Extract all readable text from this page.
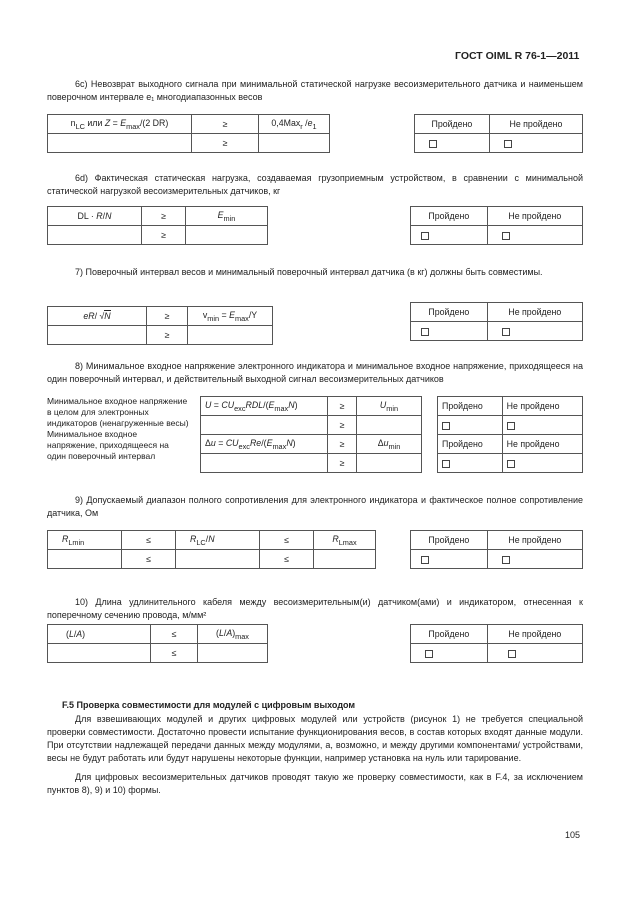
ГОСТ OIML R 76-1—2011
6с) Невозврат выходного сигнала при минимальной статической нагрузке весоизмерительного датчика и наименьшем поверочном интервале e₁ многодиапазонных весов
$n_{LC}$ или $Z = E_{max}/(2$ DR)	≥	0,4Max$_r$ $/e_1$
	≥	
Пройдено	Не пройдено

6d) Фактическая статическая нагрузка, создаваемая грузоприемным устройством, в сравнении с минимальной статической нагрузкой весоизмерительных датчиков, кг
DL · R/N	≥	$E_{min}$
	≥	
Пройдено	Не пройдено

7) Поверочный интервал весов и минимальный поверочный интервал датчика (в кг) должны быть совместимы.
eR/ √N	≥	$v_{min} = E_{max}/Y$
	≥	
Пройдено	Не пройдено

8) Минимальное входное напряжение электронного индикатора и минимальное входное напряжение, приходящееся на один поверочный интервал, и действительный выходной сигнал весоизмерительных датчиков
Минимальное входное напряжение в целом для электронных индикаторов (ненагруженные весы)
Минимальное входное напряжение, приходящееся на один поверочный интервал
$U = CU_{exc}RDL/(E_{max}N)$	≥	$U_{min}$
	≥	
$\Delta u = CU_{exc}Re/(E_{max}N)$	≥	$\Delta u_{min}$
	≥	
Пройдено	Не пройдено

Пройдено	Не пройдено

9) Допускаемый диапазон полного сопротивления для электронного индикатора и фактическое полное сопротивление датчика, Ом
$R_{Lmin}$	≤	$R_{LC}/N$	≤	$R_{Lmax}$
	≤		≤	
Пройдено	Не пройдено

10) Длина удлинительного кабеля между весоизмерительным(и) датчиком(ами) и индикатором, отнесенная к поперечному сечению провода, м/мм²
(L/A)	≤	$(L/A)_{max}$
	≤	
Пройдено	Не пройдено

F.5 Проверка совместимости для модулей с цифровым выходом
Для взвешивающих модулей и других цифровых модулей или устройств (рисунок 1) не требуется специальной проверки совместимости. Достаточно провести испытание функционирования весов, в состав которых входят данные модули. При отсутствии надлежащей передачи данных между модулями, а, возможно, и между другими компонентами/ устройствами, весы не будут работать или будут нарушены некоторые функции, например установка на нуль или тарирование.
Для цифровых весоизмерительных датчиков проводят такую же проверку совместимости, как в F.4, за исключением пунктов 8), 9) и 10) формы.
105
